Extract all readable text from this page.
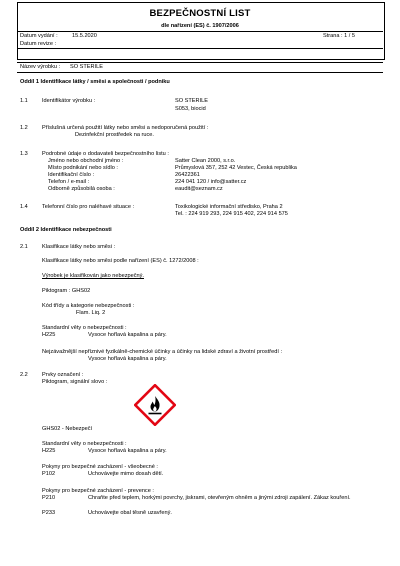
BEZPEČNOSTNÍ LIST
dle nařízení (ES) č. 1907/2006
Datum vydání :	15.5.2020	Strana : 1 / 5
Datum revize :
Název výrobku : SO STERILE
Oddíl 1 Identifikace látky / směsi a společnosti / podniku
1.1	Identifikátor výrobku :	SO STERILE
S053, biocid
1.2	Příslušná určená použití látky nebo směsi a nedoporučená použití :
Dezinfekční prostředek na ruce.
1.3	Podrobné údaje o dodavateli bezpečnostního listu :
Jméno nebo obchodní jméno :	Satter Clean 2000, s.r.o.
Místo podnikání nebo sídlo :	Průmyslová 357, 252 42 Vestec, Česká republika
Identifikační číslo :	26422361
Telefon / e-mail :	224 041 120 / info@satter.cz
Odborně způsobilá osoba :	eaudit@seznam.cz
1.4	Telefonní číslo pro naléhavé situace :	Toxikologické informační středisko, Praha 2
Tel. : 224 919 293, 224 915 402, 224 914 575
Oddíl 2 Identifikace nebezpečnosti
2.1	Klasifikace látky nebo směsi :
Klasifikace látky nebo směsi podle nařízení (ES) č. 1272/2008 :
Výrobek je klasifikován jako nebezpečný.
Piktogram : GHS02
Kód třídy a kategorie nebezpečnosti :
Flam. Liq. 2
Standardní věty o nebezpečnosti :
H225	Vysoce hořlavá kapalina a páry.
Nejzávažnější nepříznivé fyzikálně-chemické účinky a účinky na lidské zdraví a životní prostředí :
Vysoce hořlavá kapalina a páry.
2.2	Prvky označení :
Piktogram, signální slovo :
GHS02 - Nebezpečí
Standardní věty o nebezpečnosti :
H225	Vysoce hořlavá kapalina a páry.
Pokyny pro bezpečné zacházení - všeobecné :
P102	Uchovávejte mimo dosah dětí.
Pokyny pro bezpečné zacházení - prevence :
P210	Chraňte před teplem, horkými povrchy, jiskrami, otevřeným ohněm a jinými zdroji zapálení. Zákaz kouření.
P233	Uchovávejte obal těsně uzavřený.
